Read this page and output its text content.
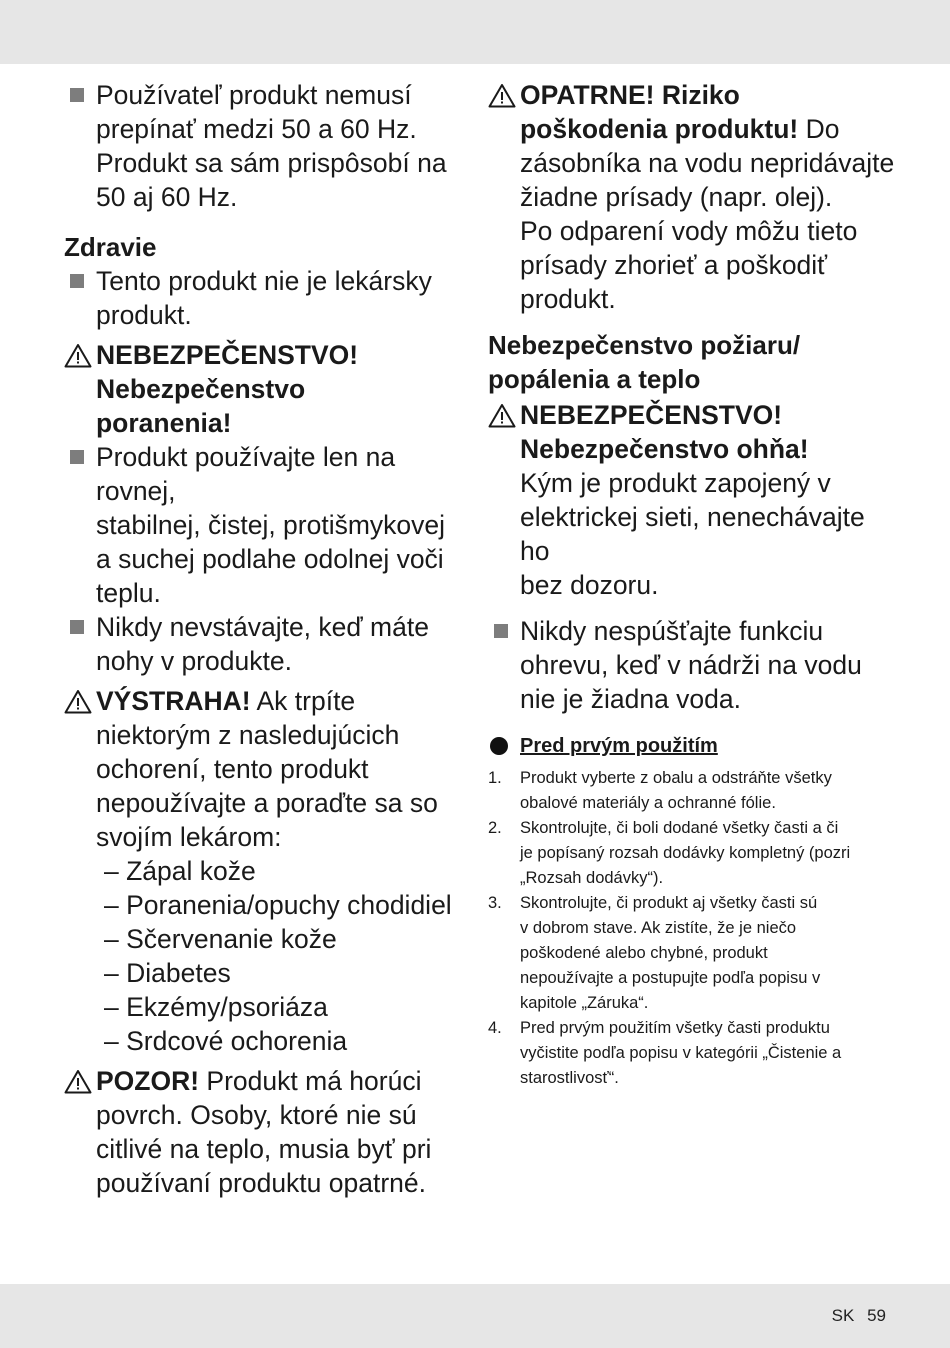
Používateľ produkt nemusí
prepínať medzi 50 a 60 Hz.
Produkt sa sám prispôsobí na
50 aj 60 Hz.
Zdravie
Tento produkt nie je lekársky
produkt.
NEBEZPEČENSTVO!
Nebezpečenstvo
poranenia!
Produkt používajte len na rovnej,
stabilnej, čistej, protišmykovej
a suchej podlahe odolnej voči
teplu.
Nikdy nevstávajte, keď máte
nohy v produkte.
VÝSTRAHA! Ak trpíte
niektorým z nasledujúcich
ochorení, tento produkt
nepoužívajte a poraďte sa so
svojím lekárom:
– Zápal kože
– Poranenia/opuchy chodidiel
– Sčervenanie kože
– Diabetes
– Ekzémy/psoriáza
– Srdcové ochorenia
POZOR! Produkt má horúci
povrch. Osoby, ktoré nie sú
citlivé na teplo, musia byť pri
používaní produktu opatrné.
OPATRNE! Riziko
poškodenia produktu! Do
zásobníka na vodu nepridávajte
žiadne prísady (napr. olej).
Po odparení vody môžu tieto
prísady zhorieť a poškodiť
produkt.
Nebezpečenstvo požiaru/
popálenia a teplo
NEBEZPEČENSTVO!
Nebezpečenstvo ohňa!
Kým je produkt zapojený v
elektrickej sieti, nenechávajte ho
bez dozoru.
Nikdy nespúšťajte funkciu
ohrevu, keď v nádrži na vodu
nie je žiadna voda.
Pred prvým použitím
1. Produkt vyberte z obalu a odstráňte všetky
obalové materiály a ochranné fólie.
2. Skontrolujte, či boli dodané všetky časti a či
je popísaný rozsah dodávky kompletný (pozri
„Rozsah dodávky“).
3. Skontrolujte, či produkt aj všetky časti sú
v dobrom stave. Ak zistíte, že je niečo
poškodené alebo chybné, produkt
nepoužívajte a postupujte podľa popisu v
kapitole „Záruka“.
4. Pred prvým použitím všetky časti produktu
vyčistite podľa popisu v kategórii „Čistenie a
starostlivosť“.
SK 59
